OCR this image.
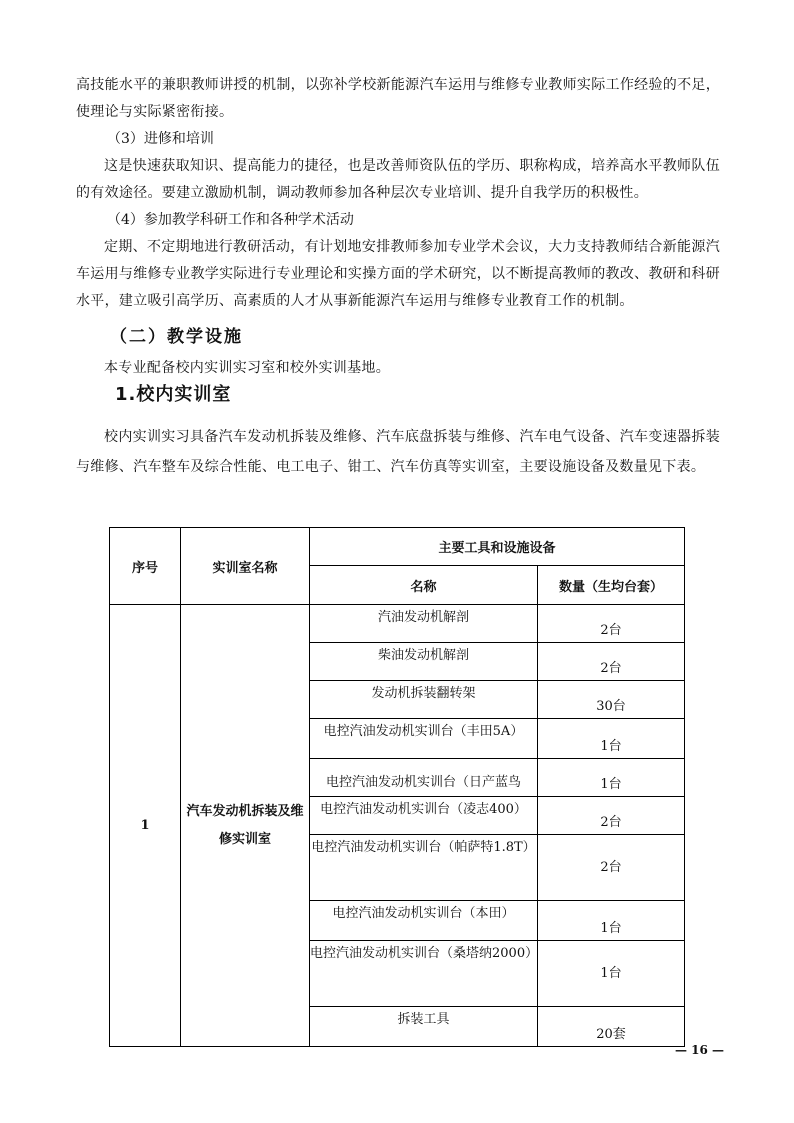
高技能水平的兼职教师讲授的机制，以弥补学校新能源汽车运用与维修专业教师实际工作经验的不足，使理论与实际紧密衔接。

（3）进修和培训

这是快速获取知识、提高能力的捷径，也是改善师资队伍的学历、职称构成，培养高水平教师队伍的有效途径。要建立激励机制，调动教师参加各种层次专业培训、提升自我学历的积极性。

（4）参加教学科研工作和各种学术活动

定期、不定期地进行教研活动，有计划地安排教师参加专业学术会议，大力支持教师结合新能源汽车运用与维修专业教学实际进行专业理论和实操方面的学术研究，以不断提高教师的教改、教研和科研水平，建立吸引高学历、高素质的人才从事新能源汽车运用与维修专业教育工作的机制。

（二）教学设施

本专业配备校内实训实习室和校外实训基地。

1.校内实训室

校内实训实习具备汽车发动机拆装及维修、汽车底盘拆装与维修、汽车电气设备、汽车变速器拆装与维修、汽车整车及综合性能、电工电子、钳工、汽车仿真等实训室，主要设施设备及数量见下表。

序号	实训室名称	主要工具和设施设备	
		名称	数量（生均台套）
1	汽车发动机拆装及维修实训室	汽油发动机解剖	2台
		柴油发动机解剖	2台
		发动机拆装翻转架	30台
		电控汽油发动机实训台（丰田5A）	1台
		电控汽油发动机实训台（日产蓝鸟	1台
		电控汽油发动机实训台（凌志400）	2台
		电控汽油发动机实训台（帕萨特1.8T）	2台
		电控汽油发动机实训台（本田）	1台
		电控汽油发动机实训台（桑塔纳2000）	1台
		拆装工具	20套
— 16 —
